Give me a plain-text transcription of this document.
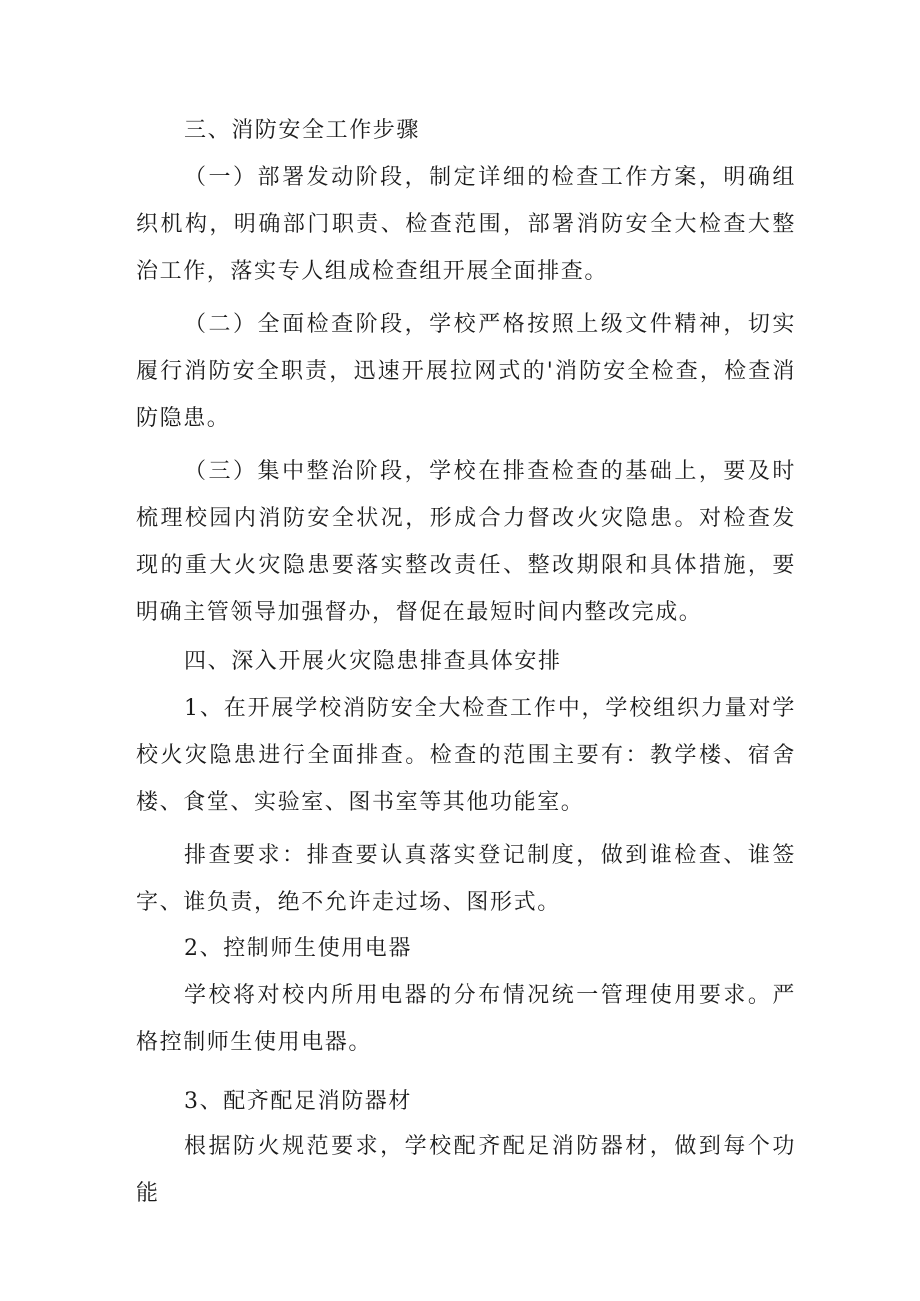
三、消防安全工作步骤

（一）部署发动阶段，制定详细的检查工作方案，明确组织机构，明确部门职责、检查范围，部署消防安全大检查大整治工作，落实专人组成检查组开展全面排查。

（二）全面检查阶段，学校严格按照上级文件精神，切实履行消防安全职责，迅速开展拉网式的'消防安全检查，检查消防隐患。

（三）集中整治阶段，学校在排查检查的基础上，要及时梳理校园内消防安全状况，形成合力督改火灾隐患。对检查发现的重大火灾隐患要落实整改责任、整改期限和具体措施，要明确主管领导加强督办，督促在最短时间内整改完成。

四、深入开展火灾隐患排查具体安排

1、在开展学校消防安全大检查工作中，学校组织力量对学校火灾隐患进行全面排查。检查的范围主要有：教学楼、宿舍楼、食堂、实验室、图书室等其他功能室。

排查要求：排查要认真落实登记制度，做到谁检查、谁签字、谁负责，绝不允许走过场、图形式。

2、控制师生使用电器

学校将对校内所用电器的分布情况统一管理使用要求。严格控制师生使用电器。

3、配齐配足消防器材

根据防火规范要求，学校配齐配足消防器材，做到每个功能
